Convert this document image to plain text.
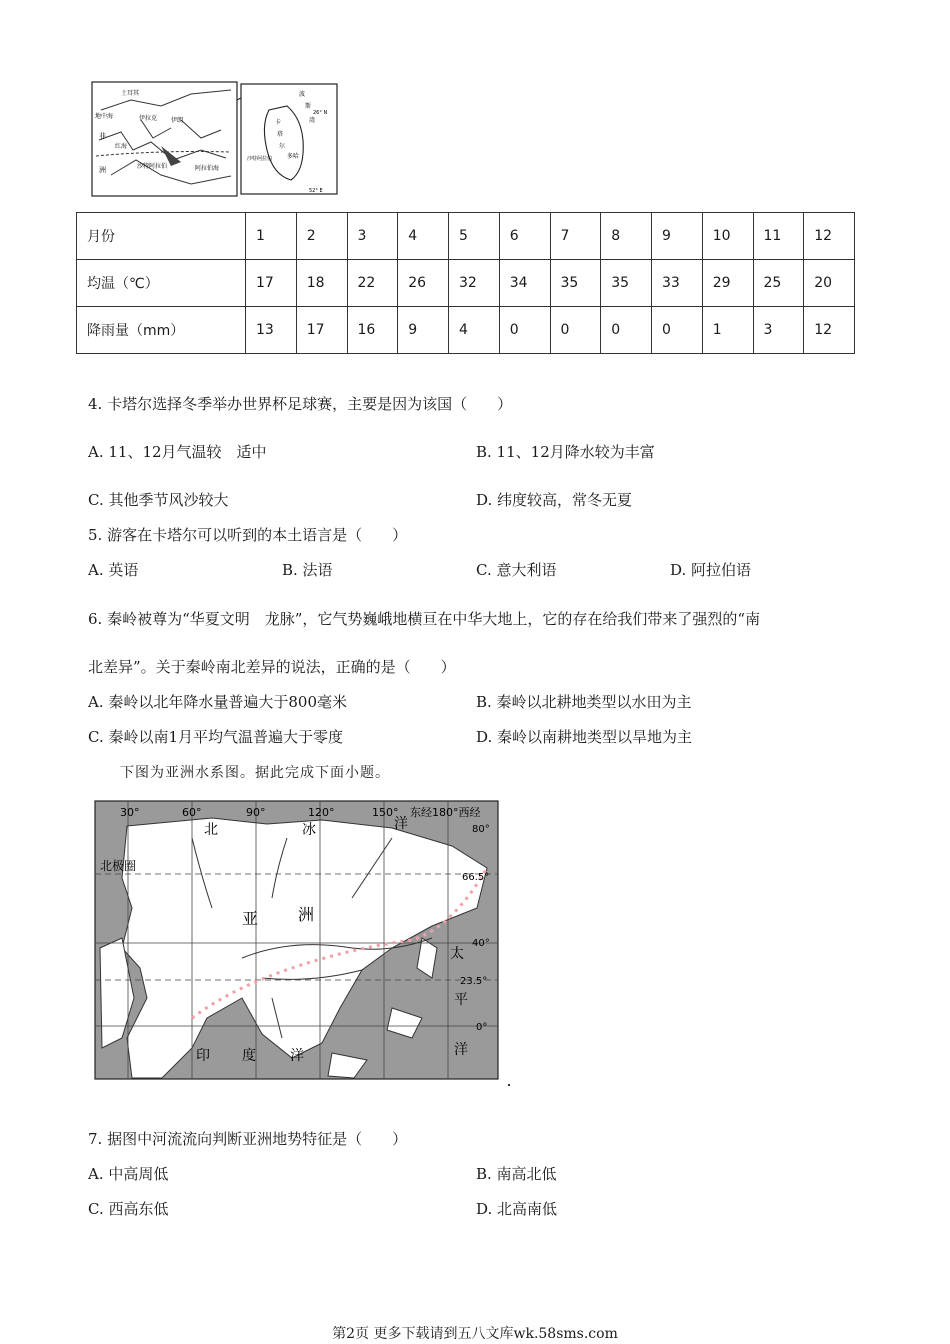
土耳其
地中海
非
洲
红海
伊拉克 伊朗
沙特阿拉伯	阿拉伯海
波
斯
湾
卡
塔
尔
多哈
沙特阿拉伯
26° N
52° E
月份	1	2	3	4	5	6	7	8	9	10	11	12
均温（℃）	17	18	22	26	32	34	35	35	33	29	25	20
降雨量（mm）	13	17	16	9	4	0	0	0	0	1	3	12
4. 卡塔尔选择冬季举办世界杯足球赛，主要是因为该国（　　）
A. 11、12月气温较　适中	B. 11、12月降水较为丰富
C. 其他季节风沙较大	D. 纬度较高，常冬无夏
5. 游客在卡塔尔可以听到的本土语言是（　　）
A. 英语	B. 法语	C. 意大利语	D. 阿拉伯语
6. 秦岭被尊为“华夏文明　龙脉”，它气势巍峨地横亘在中华大地上，它的存在给我们带来了强烈的“南
北差异”。关于秦岭南北差异的说法，正确的是（　　）
A. 秦岭以北年降水量普遍大于800毫米	B. 秦岭以北耕地类型以水田为主
C. 秦岭以南1月平均气温普遍大于零度	D. 秦岭以南耕地类型以旱地为主
下图为亚洲水系图。据此完成下面小题。
30°	60°	90°	120°	150° 东经180°西经
80°
66.5°
40°
23.5°
0°
北	冰	洋
北极圈
亚 洲
太
平
洋
印 度 洋
7. 据图中河流流向判断亚洲地势特征是（　　）
A. 中高周低	B. 南高北低
C. 西高东低	D. 北高南低
第2页 更多下载请到五八文库wk.58sms.com
